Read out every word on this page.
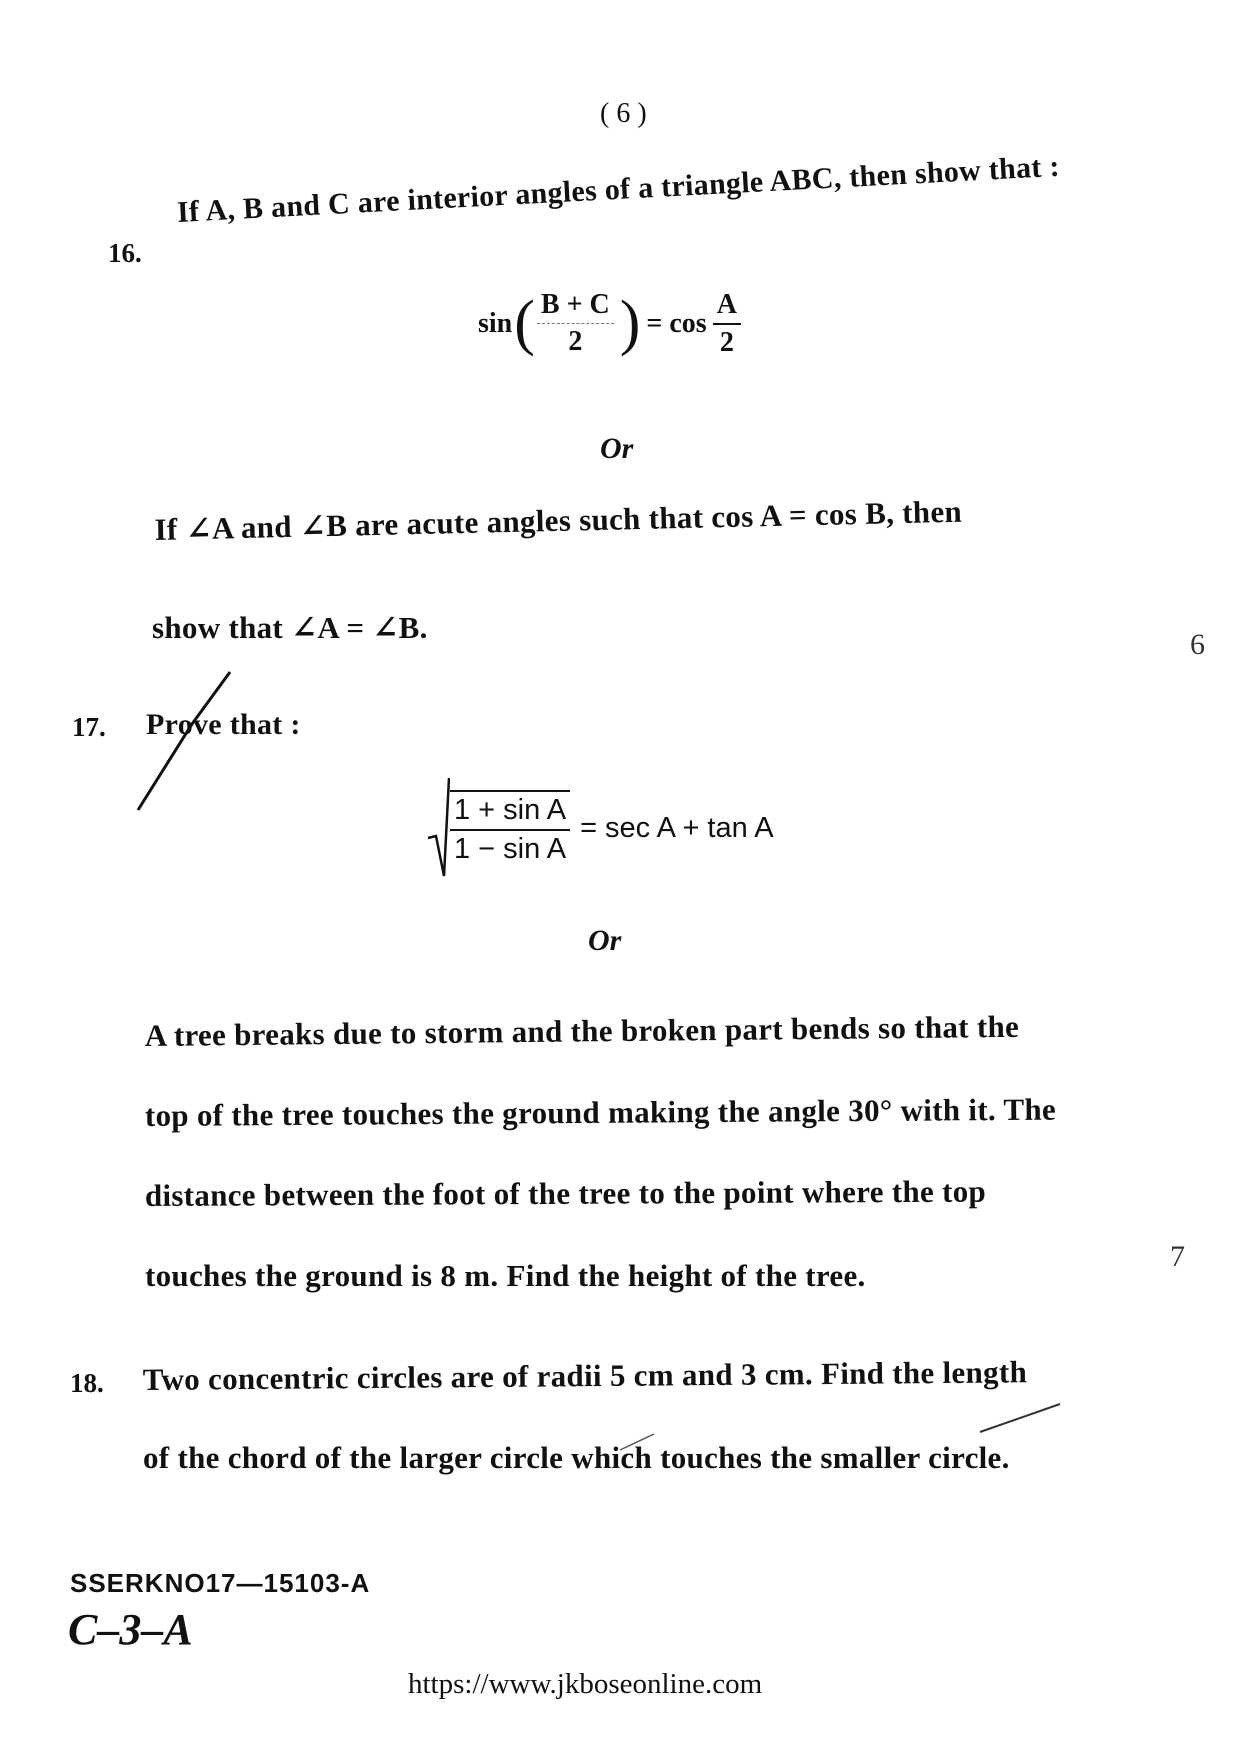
( 6 )
16.
If A, B and C are interior angles of a triangle ABC, then show that :
sin ( $\frac{B + C}{2}$ ) = $\cos \frac{A}{2}$
Or
If ∠A and ∠B are acute angles such that cos A = cos B, then
show that ∠A = ∠B.	6
17. Prove that :
$\frac{\text{1 + sin A}}{\text{1 − sin A}} = \sec A + \tan A$
Or
A tree breaks due to storm and the broken part bends so that the
top of the tree touches the ground making the angle 30° with it. The
distance between the foot of the tree to the point where the top
touches the ground is 8 m. Find the height of the tree.
7
18. Two concentric circles are of radii 5 cm and 3 cm. Find the length
of the chord of the larger circle which touches the smaller circle.
SSERKNO17—15103-A
C–3–A
https://www.jkboseonline.com
